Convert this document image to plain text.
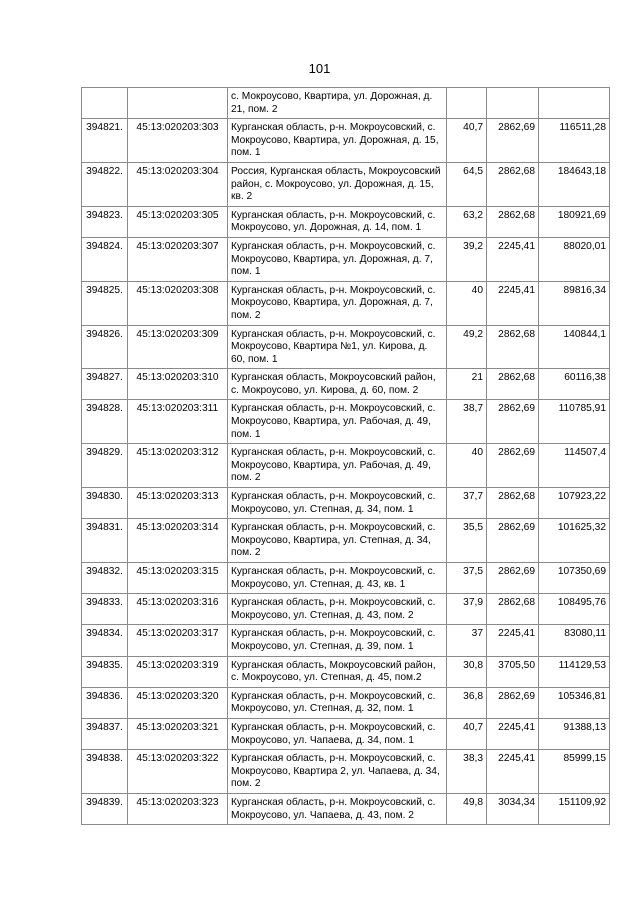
101
		с. Мокроусово, Квартира, ул. Дорожная, д. 21, пом. 2			
394821.	45:13:020203:303	Курганская область, р-н. Мокроусовский, с. Мокроусово, Квартира, ул. Дорожная, д. 15, пом. 1	40,7	2862,69	116511,28
394822.	45:13:020203:304	Россия, Курганская область, Мокроусовский район, с. Мокроусово, ул. Дорожная, д. 15, кв. 2	64,5	2862,68	184643,18
394823.	45:13:020203:305	Курганская область, р-н. Мокроусовский, с. Мокроусово, ул. Дорожная, д. 14, пом. 1	63,2	2862,68	180921,69
394824.	45:13:020203:307	Курганская область, р-н. Мокроусовский, с. Мокроусово, Квартира, ул. Дорожная, д. 7, пом. 1	39,2	2245,41	88020,01
394825.	45:13:020203:308	Курганская область, р-н. Мокроусовский, с. Мокроусово, Квартира, ул. Дорожная, д. 7, пом. 2	40	2245,41	89816,34
394826.	45:13:020203:309	Курганская область, р-н. Мокроусовский, с. Мокроусово, Квартира №1, ул. Кирова, д. 60, пом. 1	49,2	2862,68	140844,1
394827.	45:13:020203:310	Курганская область, Мокроусовский район, с. Мокроусово, ул. Кирова, д. 60, пом. 2	21	2862,68	60116,38
394828.	45:13:020203:311	Курганская область, р-н. Мокроусовский, с. Мокроусово, Квартира, ул. Рабочая, д. 49, пом. 1	38,7	2862,69	110785,91
394829.	45:13:020203:312	Курганская область, р-н. Мокроусовский, с. Мокроусово, Квартира, ул. Рабочая, д. 49, пом. 2	40	2862,69	114507,4
394830.	45:13:020203:313	Курганская область, р-н. Мокроусовский, с. Мокроусово, ул. Степная, д. 34, пом. 1	37,7	2862,68	107923,22
394831.	45:13:020203:314	Курганская область, р-н. Мокроусовский, с. Мокроусово, Квартира, ул. Степная, д. 34, пом. 2	35,5	2862,69	101625,32
394832.	45:13:020203:315	Курганская область, р-н. Мокроусовский, с. Мокроусово, ул. Степная, д. 43, кв. 1	37,5	2862,69	107350,69
394833.	45:13:020203:316	Курганская область, р-н. Мокроусовский, с. Мокроусово, ул. Степная, д. 43, пом. 2	37,9	2862,68	108495,76
394834.	45:13:020203:317	Курганская область, р-н. Мокроусовский, с. Мокроусово, ул. Степная, д. 39, пом. 1	37	2245,41	83080,11
394835.	45:13:020203:319	Курганская область, Мокроусовский район, с. Мокроусово, ул. Степная, д. 45, пом.2	30,8	3705,50	114129,53
394836.	45:13:020203:320	Курганская область, р-н. Мокроусовский, с. Мокроусово, ул. Степная, д. 32, пом. 1	36,8	2862,69	105346,81
394837.	45:13:020203:321	Курганская область, р-н. Мокроусовский, с. Мокроусово, ул. Чапаева, д. 34, пом. 1	40,7	2245,41	91388,13
394838.	45:13:020203:322	Курганская область, р-н. Мокроусовский, с. Мокроусово, Квартира 2, ул. Чапаева, д. 34, пом. 2	38,3	2245,41	85999,15
394839.	45:13:020203:323	Курганская область, р-н. Мокроусовский, с. Мокроусово, ул. Чапаева, д. 43, пом. 2	49,8	3034,34	151109,92
